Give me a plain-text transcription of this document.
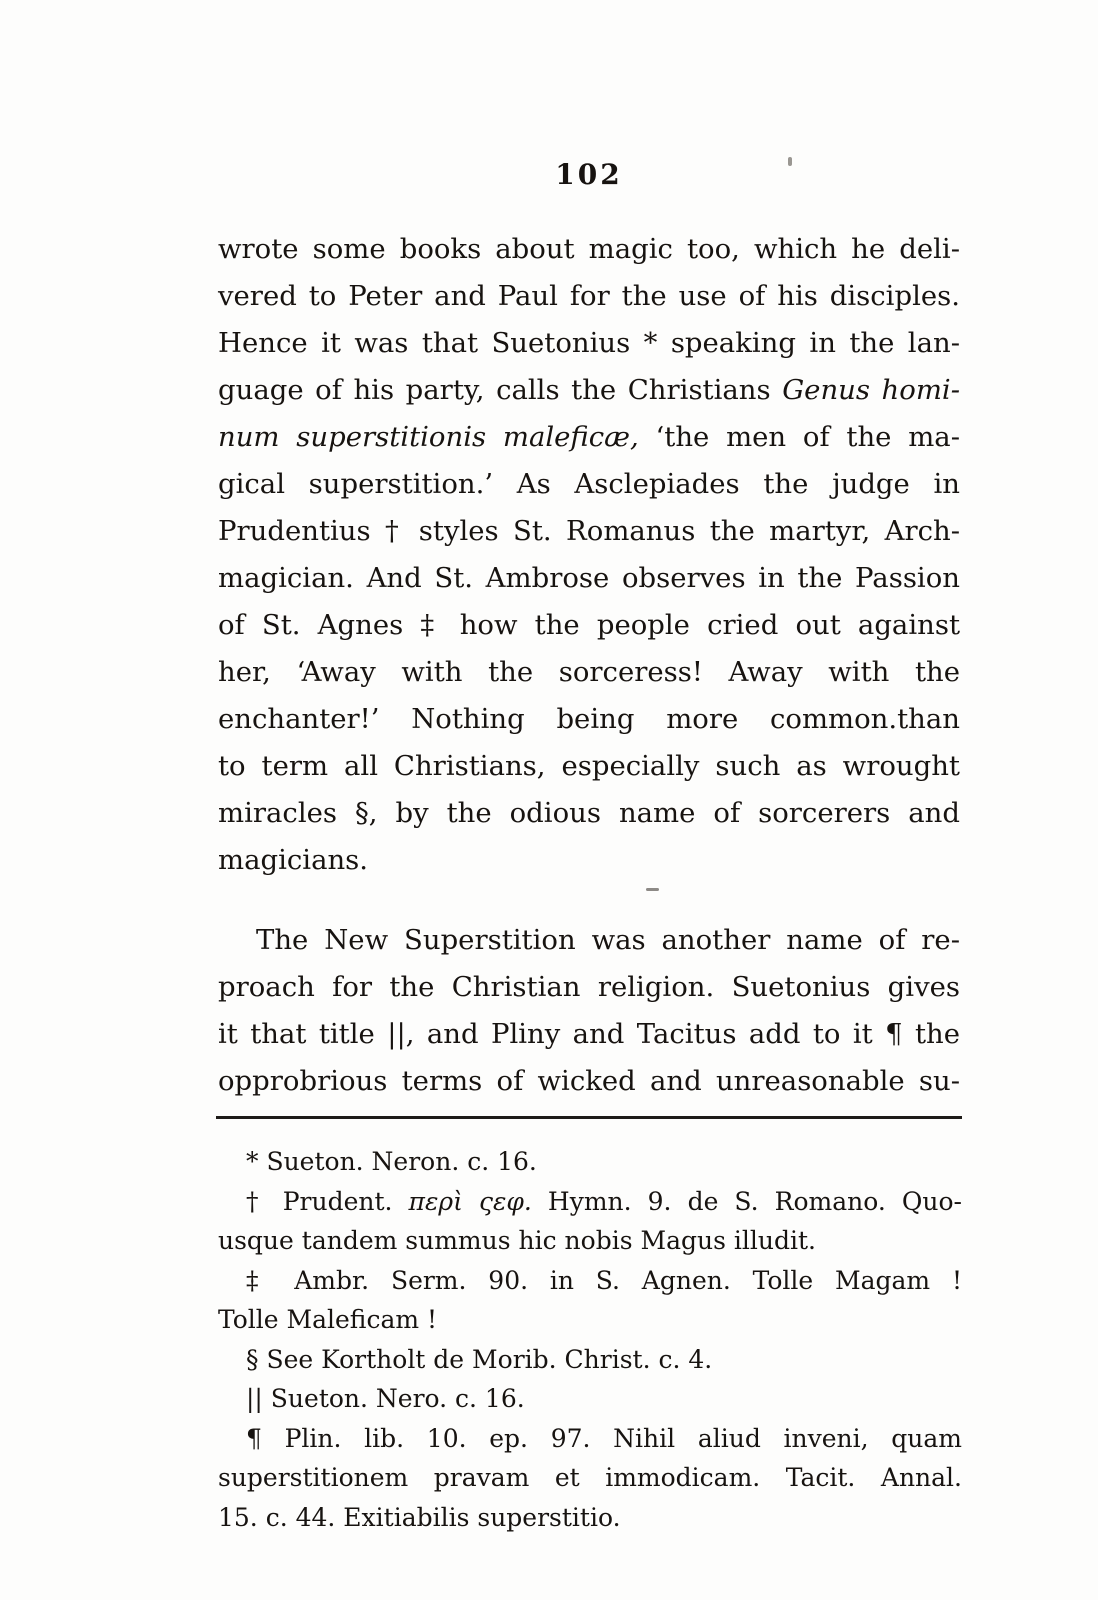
102
wrote some books about magic too, which he deli-
vered to Peter and Paul for the use of his disciples.
Hence it was that Suetonius * speaking in the lan-
guage of his party, calls the Christians Genus homi-
num superstitionis maleficæ, ‘the men of the ma-
gical superstition.’ As Asclepiades the judge in
Prudentius † styles St. Romanus the martyr, Arch-
magician. And St. Ambrose observes in the Passion
of St. Agnes ‡ how the people cried out against
her, ‘Away with the sorceress! Away with the
enchanter!’ Nothing being more common.than
to term all Christians, especially such as wrought
miracles §, by the odious name of sorcerers and
magicians.
The New Superstition was another name of re-
proach for the Christian religion. Suetonius gives
it that title ||, and Pliny and Tacitus add to it ¶ the
opprobrious terms of wicked and unreasonable su-
* Sueton. Neron. c. 16.
† Prudent. περὶ ςεφ. Hymn. 9. de S. Romano. Quo-
usque tandem summus hic nobis Magus illudit.
‡ Ambr. Serm. 90. in S. Agnen. Tolle Magam !
Tolle Maleficam !
§ See Kortholt de Morib. Christ. c. 4.
|| Sueton. Nero. c. 16.
¶ Plin. lib. 10. ep. 97. Nihil aliud inveni, quam
superstitionem pravam et immodicam. Tacit. Annal.
15. c. 44. Exitiabilis superstitio.
